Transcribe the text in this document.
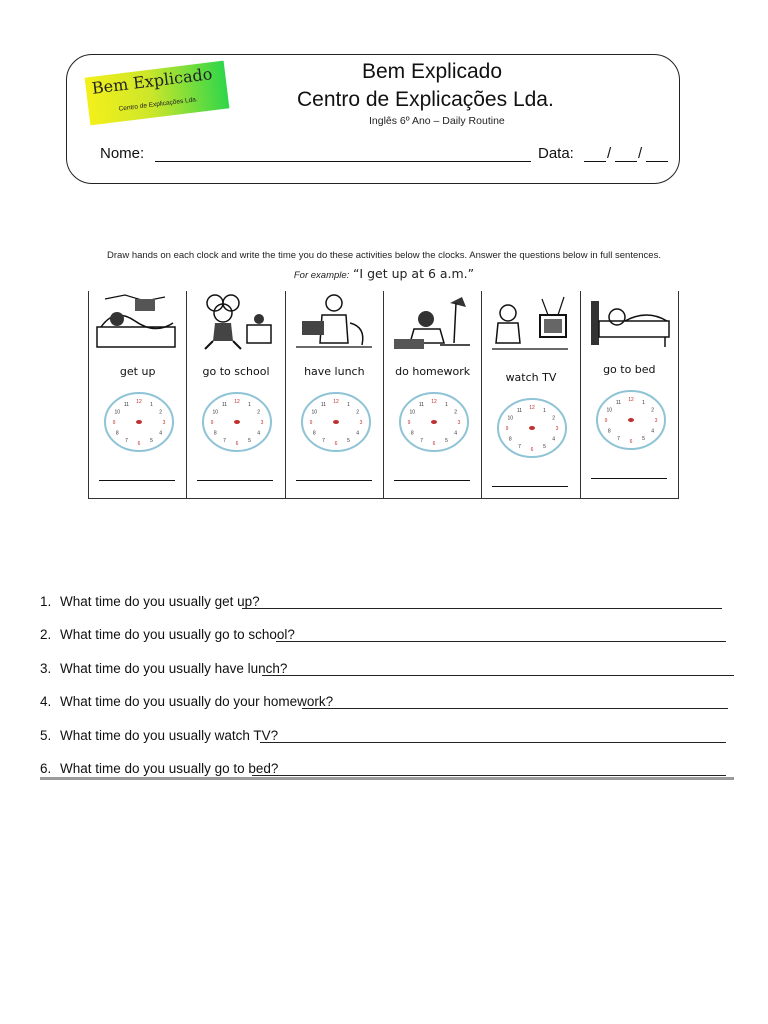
Bem Explicado
Centro de Explicações Lda.
Bem Explicado
Centro de Explicações Lda.
Inglês 6º Ano – Daily Routine
Nome:	Data: / /
Draw hands on each clock and write the time you do these activities below the clocks. Answer the questions below in full sentences.
For example: “I get up at 6 a.m.”
get up
12 1
2
3
4
5
6
7
8
9
10
11
go to school
12 1
2
3
4
5
6
7
8
9
10
11
have lunch
12 1
2
3
4
5
6
7
8
9
10
11
do homework
12 1
2
3
4
5
6
7
8
9
10
11
watch TV
12 1
2
3
4
5
6
7
8
9
10
11
go to bed
12 1
2
3
4
5
6
7
8
9
10
11
1. What time do you usually get up?
2. What time do you usually go to school?
3. What time do you usually have lunch?
4. What time do you usually do your homework?
5. What time do you usually watch TV?
6. What time do you usually go to bed?
